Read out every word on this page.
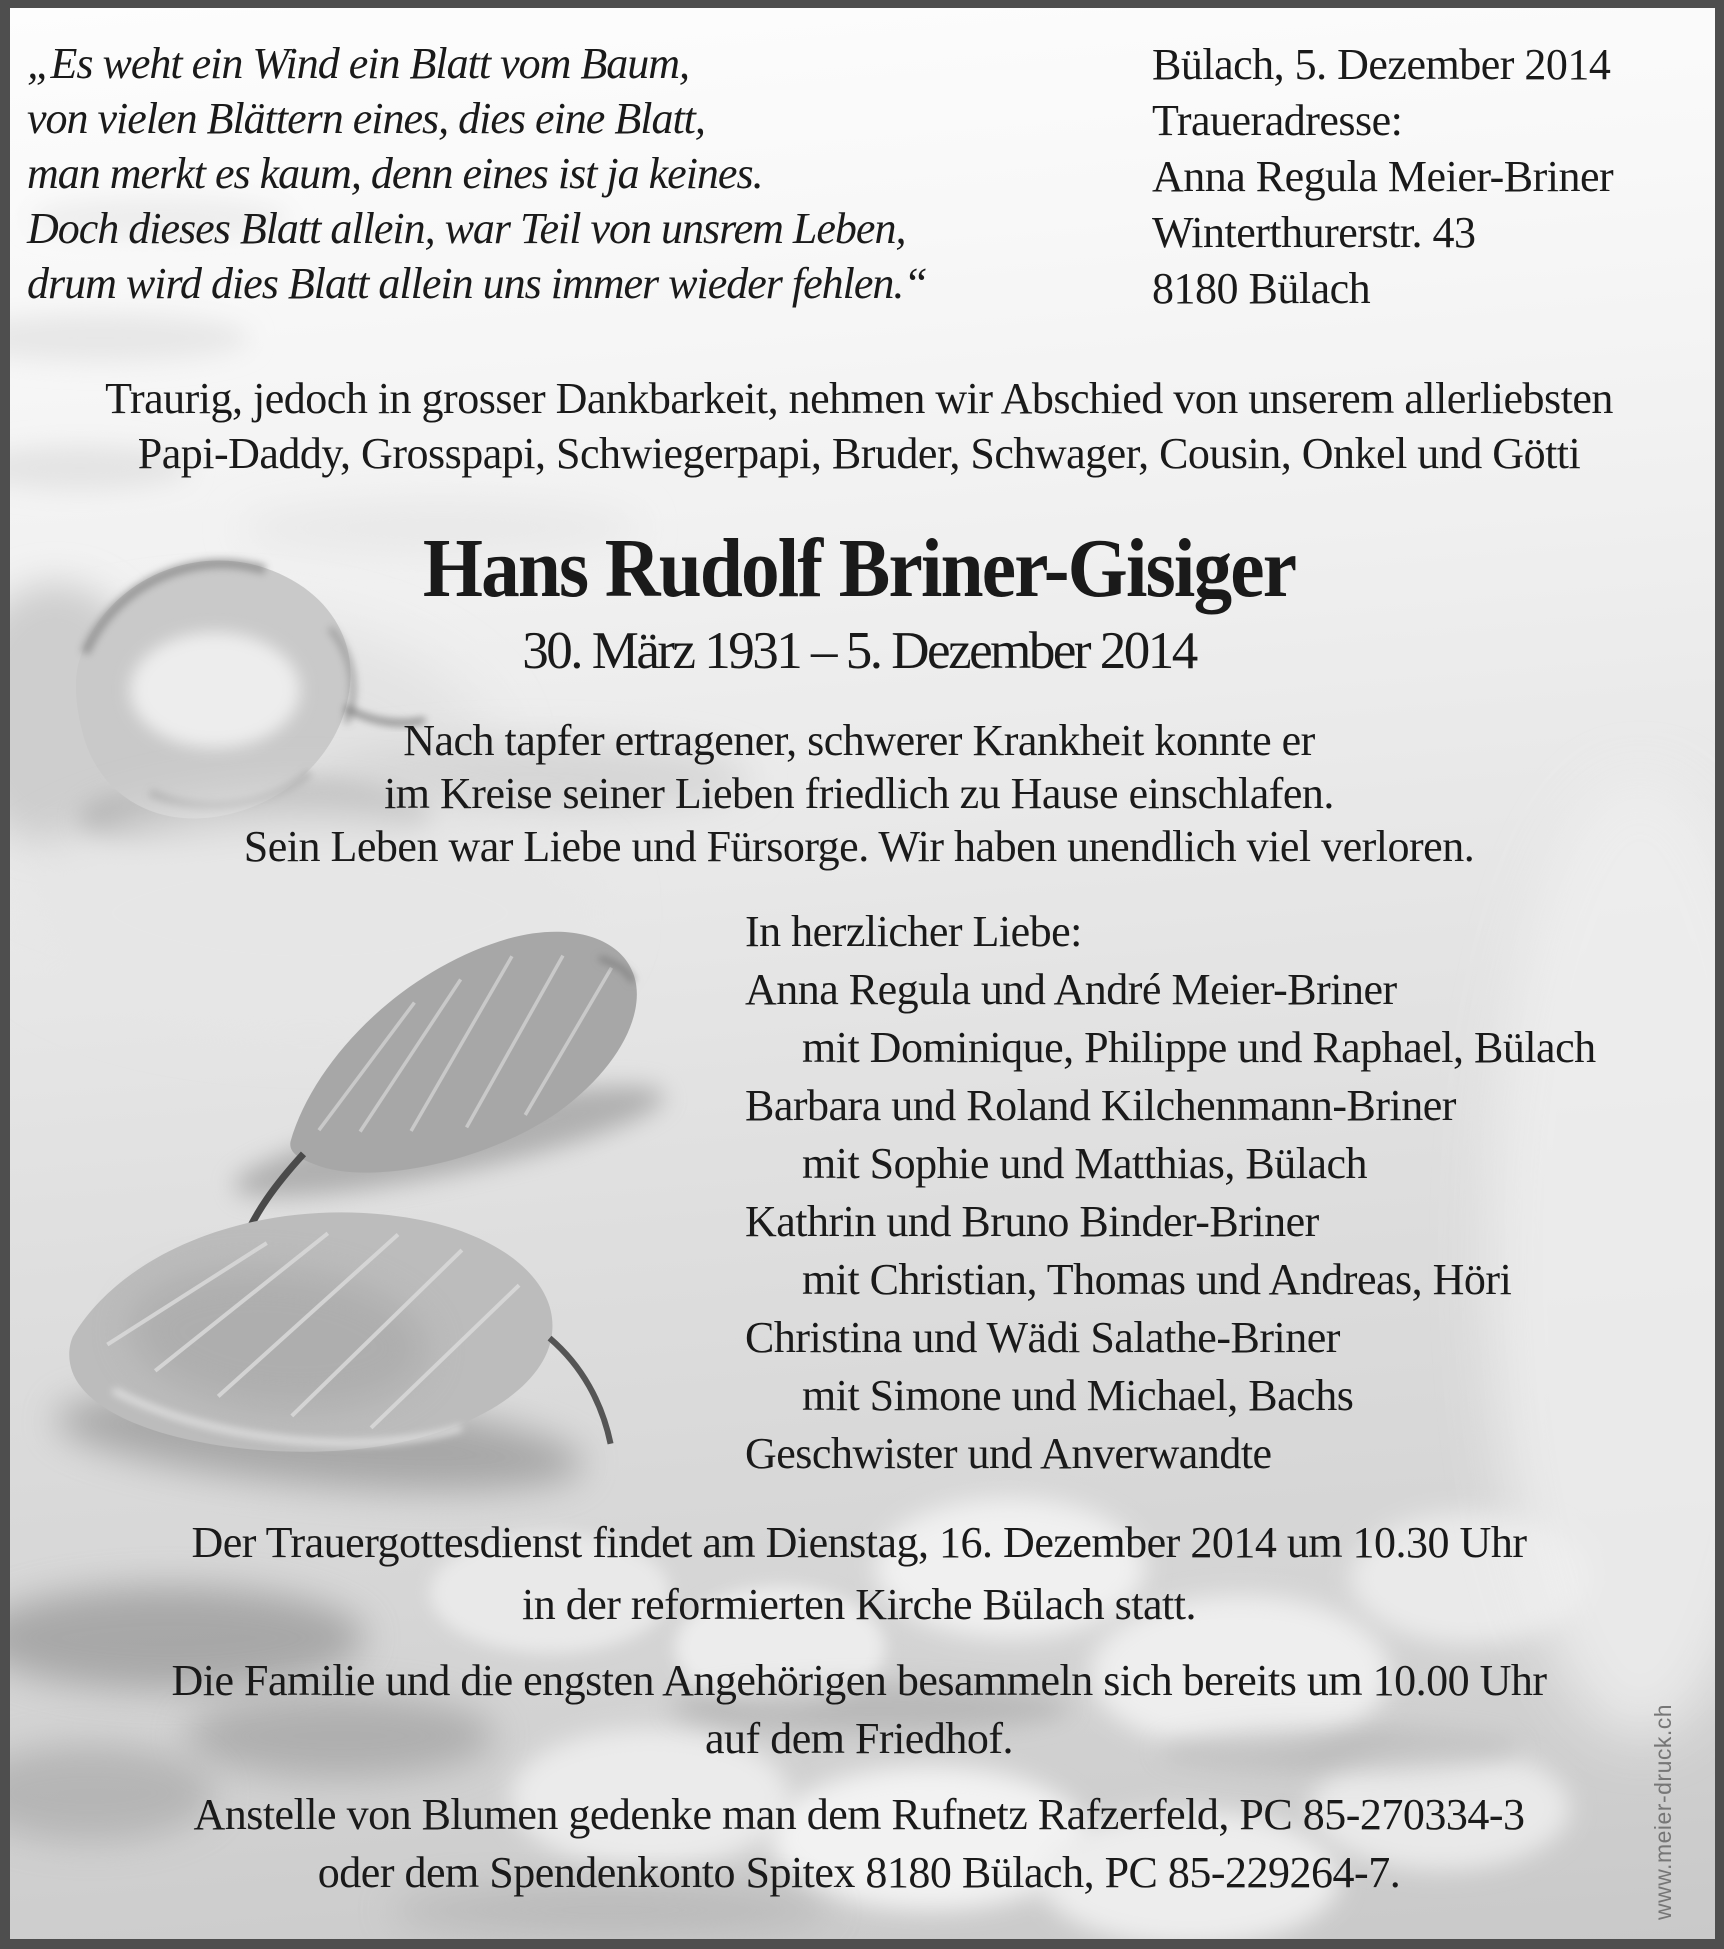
„Es weht ein Wind ein Blatt vom Baum,
von vielen Blättern eines, dies eine Blatt,
man merkt es kaum, denn eines ist ja keines.
Doch dieses Blatt allein, war Teil von unsrem Leben,
drum wird dies Blatt allein uns immer wieder fehlen.“
Bülach, 5. Dezember 2014
Traueradresse:
Anna Regula Meier-Briner
Winterthurerstr. 43
8180 Bülach
Traurig, jedoch in grosser Dankbarkeit, nehmen wir Abschied von unserem allerliebsten
Papi-Daddy, Grosspapi, Schwiegerpapi, Bruder, Schwager, Cousin, Onkel und Götti
Hans Rudolf Briner-Gisiger
30. März 1931 – 5. Dezember 2014
Nach tapfer ertragener, schwerer Krankheit konnte er
im Kreise seiner Lieben friedlich zu Hause einschlafen.
Sein Leben war Liebe und Fürsorge. Wir haben unendlich viel verloren.
In herzlicher Liebe:
Anna Regula und André Meier-Briner
mit Dominique, Philippe und Raphael, Bülach
Barbara und Roland Kilchenmann-Briner
mit Sophie und Matthias, Bülach
Kathrin und Bruno Binder-Briner
mit Christian, Thomas und Andreas, Höri
Christina und Wädi Salathe-Briner
mit Simone und Michael, Bachs
Geschwister und Anverwandte
Der Trauergottesdienst findet am Dienstag, 16. Dezember 2014 um 10.30 Uhr
in der reformierten Kirche Bülach statt.
Die Familie und die engsten Angehörigen besammeln sich bereits um 10.00 Uhr
auf dem Friedhof.
Anstelle von Blumen gedenke man dem Rufnetz Rafzerfeld, PC 85-270334-3
oder dem Spendenkonto Spitex 8180 Bülach, PC 85-229264-7.	www.meier-druck.ch
